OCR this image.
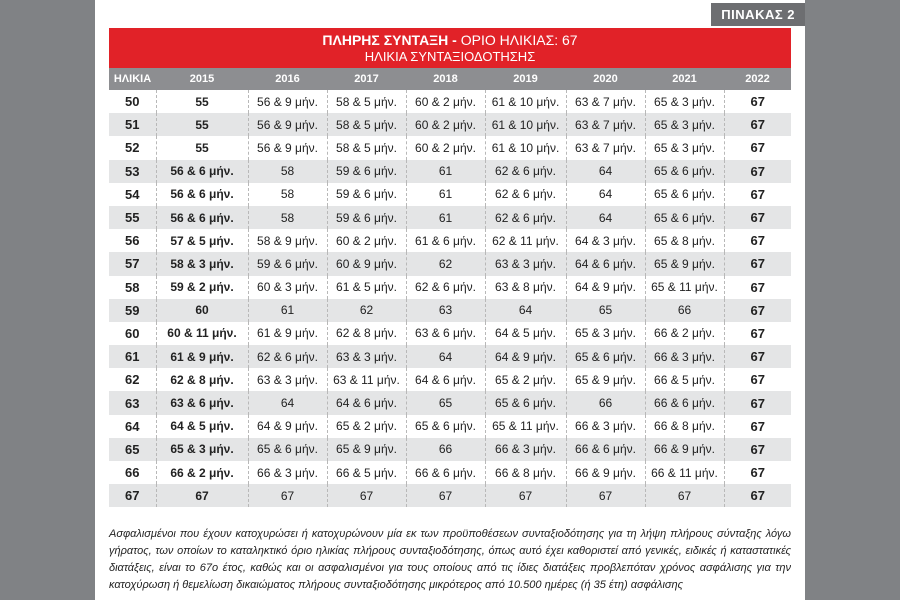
ΠΙΝΑΚΑΣ 2
ΠΛΗΡΗΣ ΣΥΝΤΑΞΗ - ΟΡΙΟ ΗΛΙΚΙΑΣ: 67
ΗΛΙΚΙΑ ΣΥΝΤΑΞΙΟΔΟΤΗΣΗΣ
ΗΛΙΚΙΑ	2015	2016	2017	2018	2019	2020	2021	2022
50	55	56 & 9 μήν.	58 & 5 μήν.	60 & 2 μήν.	61 & 10 μήν.	63 & 7 μήν.	65 & 3 μήν.	67
51	55	56 & 9 μήν.	58 & 5 μήν.	60 & 2 μήν.	61 & 10 μήν.	63 & 7 μήν.	65 & 3 μήν.	67
52	55	56 & 9 μήν.	58 & 5 μήν.	60 & 2 μήν.	61 & 10 μήν.	63 & 7 μήν.	65 & 3 μήν.	67
53	56 & 6 μήν.	58	59 & 6 μήν.	61	62 & 6 μήν.	64	65 & 6 μήν.	67
54	56 & 6 μήν.	58	59 & 6 μήν.	61	62 & 6 μήν.	64	65 & 6 μήν.	67
55	56 & 6 μήν.	58	59 & 6 μήν.	61	62 & 6 μήν.	64	65 & 6 μήν.	67
56	57 & 5 μήν.	58 & 9 μήν.	60 & 2 μήν.	61 & 6 μήν.	62 & 11 μήν.	64 & 3 μήν.	65 & 8 μήν.	67
57	58 & 3 μήν.	59 & 6 μήν.	60 & 9 μήν.	62	63 & 3 μήν.	64 & 6 μήν.	65 & 9 μήν.	67
58	59 & 2 μήν.	60 & 3 μήν.	61 & 5 μήν.	62 & 6 μήν.	63 & 8 μήν.	64 & 9 μήν.	65 & 11 μήν.	67
59	60	61	62	63	64	65	66	67
60	60 & 11 μήν.	61 & 9 μήν.	62 & 8 μήν.	63 & 6 μήν.	64 & 5 μήν.	65 & 3 μήν.	66 & 2 μήν.	67
61	61 & 9 μήν.	62 & 6 μήν.	63 & 3 μήν.	64	64 & 9 μήν.	65 & 6 μήν.	66 & 3 μήν.	67
62	62 & 8 μήν.	63 & 3 μήν.	63 & 11 μήν.	64 & 6 μήν.	65 & 2 μήν.	65 & 9 μήν.	66 & 5 μήν.	67
63	63 & 6 μήν.	64	64 & 6 μήν.	65	65 & 6 μήν.	66	66 & 6 μήν.	67
64	64 & 5 μήν.	64 & 9 μήν.	65 & 2 μήν.	65 & 6 μήν.	65 & 11 μήν.	66 & 3 μήν.	66 & 8 μήν.	67
65	65 & 3 μήν.	65 & 6 μήν.	65 & 9 μήν.	66	66 & 3 μήν.	66 & 6 μήν.	66 & 9 μήν.	67
66	66 & 2 μήν.	66 & 3 μήν.	66 & 5 μήν.	66 & 6 μήν.	66 & 8 μήν.	66 & 9 μήν.	66 & 11 μήν.	67
67	67	67	67	67	67	67	67	67

Ασφαλισμένοι που έχουν κατοχυρώσει ή κατοχυρώνουν μία εκ των προϋποθέσεων συνταξιοδότησης για τη λήψη πλήρους σύνταξης λόγω γήρατος, των οποίων το καταληκτικό όριο ηλικίας πλήρους συνταξιοδότησης, όπως αυτό έχει καθοριστεί από γενικές, ειδικές ή καταστατικές διατάξεις, είναι το 67ο έτος, καθώς και οι ασφαλισμένοι για τους οποίους από τις ίδιες διατάξεις προβλεπόταν χρόνος ασφάλισης για την κατοχύρωση ή θεμελίωση δικαιώματος πλήρους συνταξιοδότησης μικρότερος από 10.500 ημέρες (ή 35 έτη) ασφάλισης
